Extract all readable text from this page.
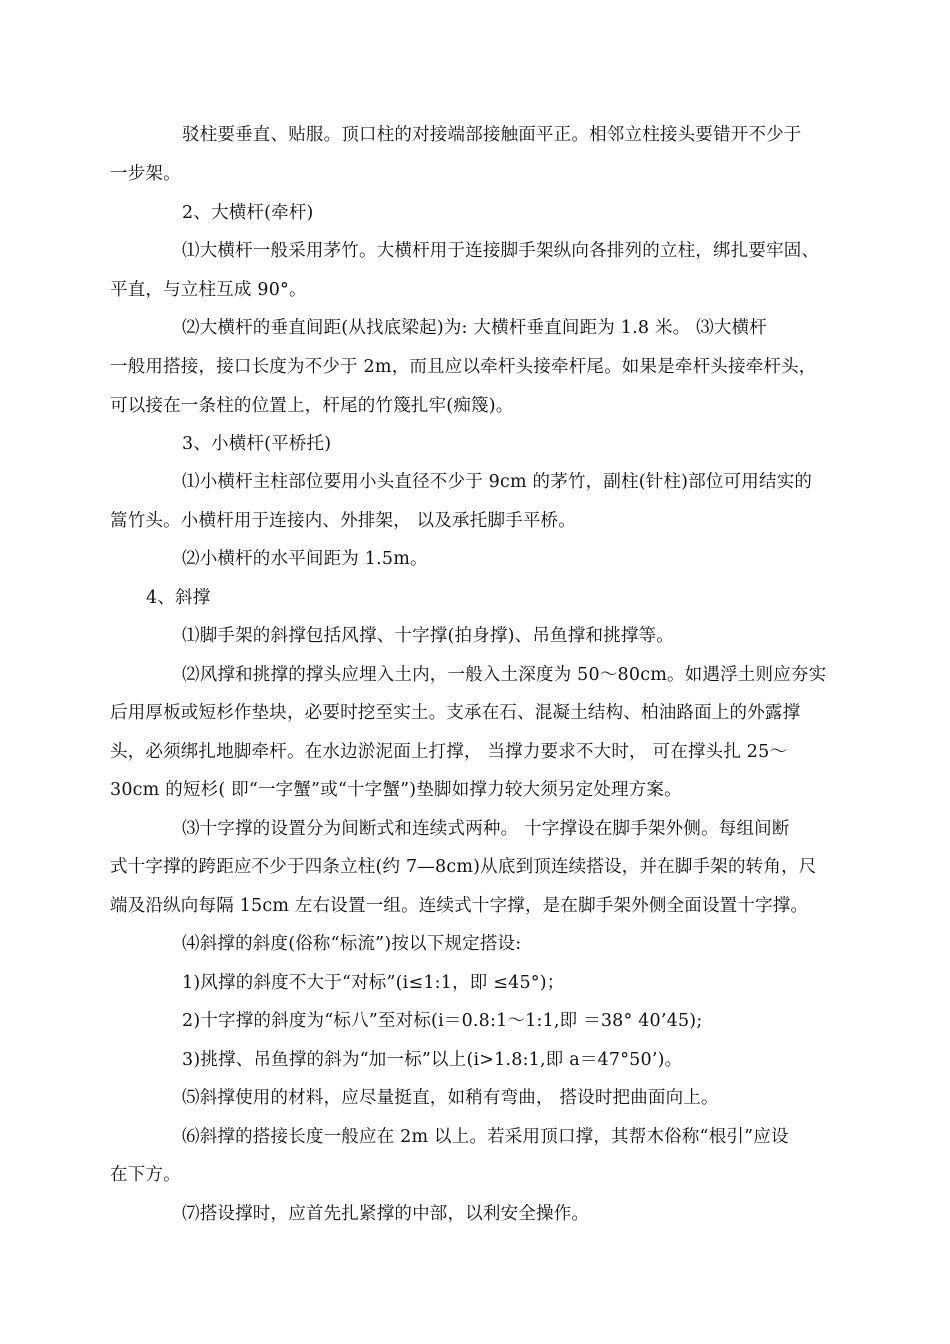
驳柱要垂直、贴服。顶口柱的对接端部接触面平正。相邻立柱接头要错开不少于
一步架。
2、大横杆(牵杆)
⑴大横杆一般采用茅竹。大横杆用于连接脚手架纵向各排列的立柱，绑扎要牢固、
平直，与立柱互成 90°。
⑵大横杆的垂直间距(从找底梁起)为: 大横杆垂直间距为 1.8 米。 ⑶大横杆
一般用搭接，接口长度为不少于 2m，而且应以牵杆头接牵杆尾。如果是牵杆头接牵杆头，
可以接在一条柱的位置上，杆尾的竹篾扎牢(痴篾)。
3、小横杆(平桥托)
⑴小横杆主柱部位要用小头直径不少于 9cm 的茅竹，副柱(针柱)部位可用结实的
篙竹头。小横杆用于连接内、外排架， 以及承托脚手平桥。
⑵小横杆的水平间距为 1.5m。
4、斜撑
⑴脚手架的斜撑包括风撑、十字撑(拍身撑)、吊鱼撑和挑撑等。
⑵风撑和挑撑的撑头应埋入土内，一般入土深度为 50～80cm。如遇浮土则应夯实
后用厚板或短杉作垫块，必要时挖至实土。支承在石、混凝土结构、柏油路面上的外露撑
头，必须绑扎地脚牵杆。在水边淤泥面上打撑， 当撑力要求不大时， 可在撑头扎 25～
30cm 的短杉( 即“一字蟹”或“十字蟹”)垫脚如撑力较大须另定处理方案。
⑶十字撑的设置分为间断式和连续式两种。 十字撑设在脚手架外侧。每组间断
式十字撑的跨距应不少于四条立柱(约 7—8cm)从底到顶连续搭设，并在脚手架的转角，尺
端及沿纵向每隔 15cm 左右设置一组。连续式十字撑，是在脚手架外侧全面设置十字撑。
⑷斜撑的斜度(俗称“标流”)按以下规定搭设:
1)风撑的斜度不大于“对标”(i≤1:1，即 ≤45°)；
2)十字撑的斜度为“标八”至对标(i＝0.8:1～1:1,即 ＝38° 40’45);
3)挑撑、吊鱼撑的斜为“加一标”以上(i>1.8:1,即 a＝47°50’)。
⑸斜撑使用的材料，应尽量挺直，如稍有弯曲， 搭设时把曲面向上。
⑹斜撑的搭接长度一般应在 2m 以上。若采用顶口撑，其帮木俗称“根引”应设
在下方。
⑺搭设撑时，应首先扎紧撑的中部，以利安全操作。
